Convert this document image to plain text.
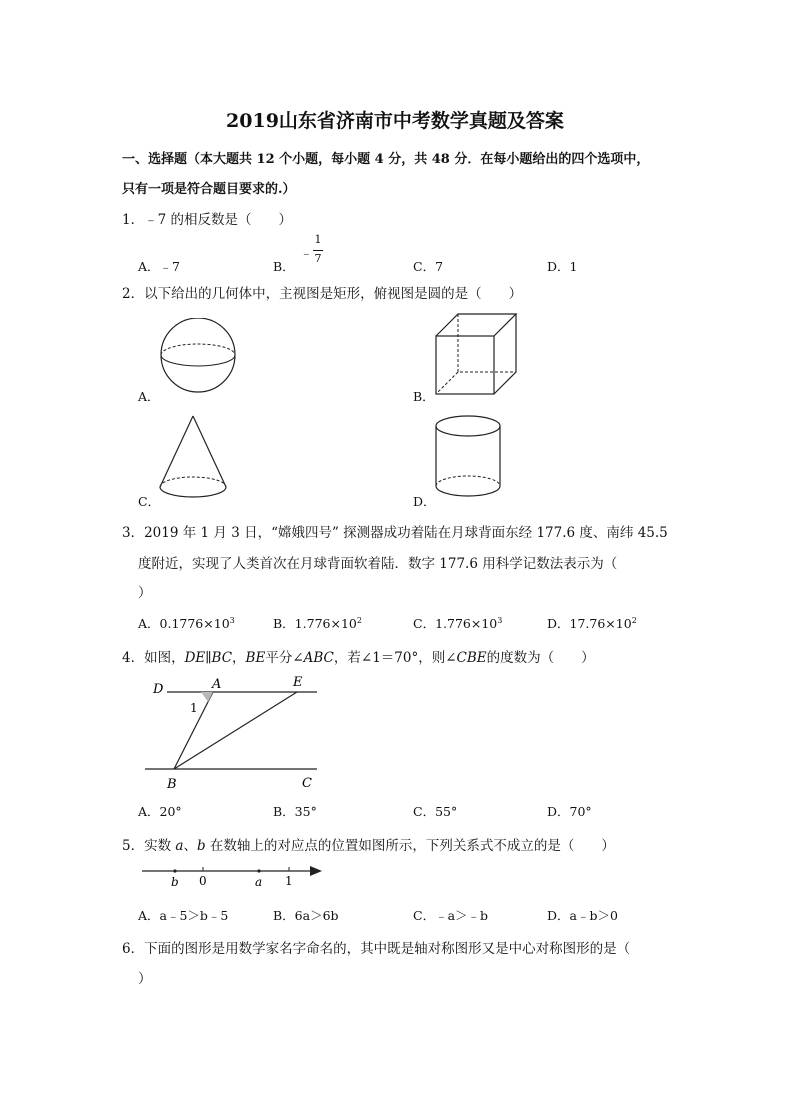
2019山东省济南市中考数学真题及答案
一、选择题（本大题共 12 个小题，每小题 4 分，共 48 分．在每小题给出的四个选项中，
只有一项是符合题目要求的.）
1．﹣7 的相反数是（　　）
A．﹣7	B．
﹣
1
7
C．7	D．1
2．以下给出的几何体中，主视图是矩形，俯视图是圆的是（　　）
A．	B．
C．	D．
3．2019 年 1 月 3 日，“嫦娥四号” 探测器成功着陆在月球背面东经 177.6 度、南纬 45.5
度附近，实现了人类首次在月球背面软着陆．数字 177.6 用科学记数法表示为（
）
A．$0.1776\times 10^3$	B．$1.776\times 10^2$	C．$1.776\times 10^3$	D．$17.76\times 10^2$
4．如图，DE∥BC，BE平分∠ABC，若∠1＝70°，则∠CBE的度数为（　　）
D	A	E
1
B	C
A．20°	B．35°	C．55°	D．70°
5．实数 a、b 在数轴上的对应点的位置如图所示，下列关系式不成立的是（　　）
b 0	a 1
A．a﹣5＞b﹣5	B．6a＞6b	C．﹣a＞﹣b	D．a﹣b＞0
6．下面的图形是用数学家名字命名的，其中既是轴对称图形又是中心对称图形的是（
）
